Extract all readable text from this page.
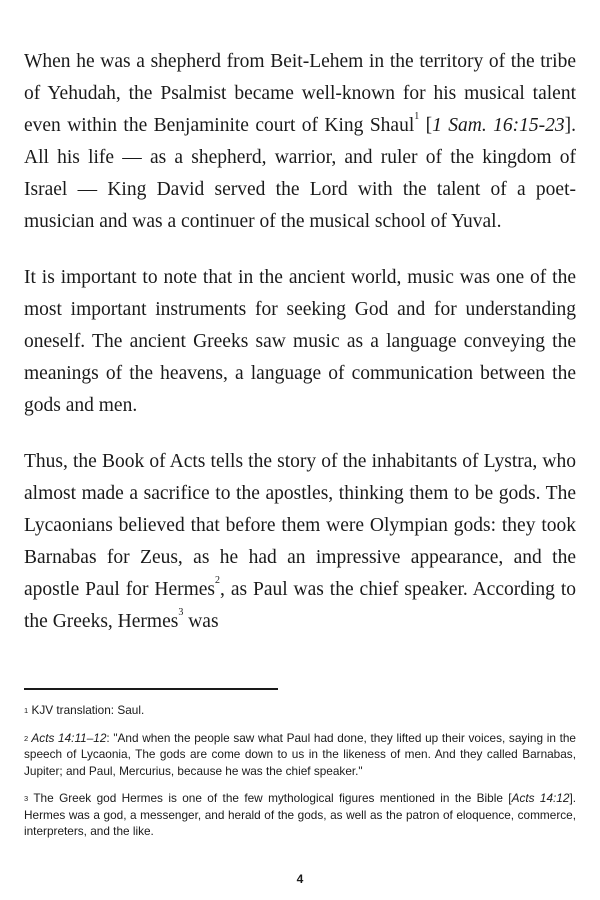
When he was a shepherd from Beit-Lehem in the territory of the tribe of Yehudah, the Psalmist became well-known for his musical talent even within the Benjaminite court of King Shaul$^1$ [1 Sam. 16:15-23]. All his life — as a shepherd, warrior, and ruler of the kingdom of Israel — King David served the Lord with the talent of a poet-musician and was a continuer of the musical school of Yuval.

It is important to note that in the ancient world, music was one of the most important instruments for seeking God and for understanding oneself. The ancient Greeks saw music as a language conveying the meanings of the heavens, a language of communication between the gods and men.

Thus, the Book of Acts tells the story of the inhabitants of Lystra, who almost made a sacrifice to the apostles, thinking them to be gods. The Lycaonians believed that before them were Olympian gods: they took Barnabas for Zeus, as he had an impressive appearance, and the apostle Paul for Hermes$^2$, as Paul was the chief speaker. According to the Greeks, Hermes$^3$ was

$^1$ KJV translation: Saul.

$^2$ Acts 14:11–12: "And when the people saw what Paul had done, they lifted up their voices, saying in the speech of Lycaonia, The gods are come down to us in the likeness of men. And they called Barnabas, Jupiter; and Paul, Mercurius, because he was the chief speaker."

$^3$ The Greek god Hermes is one of the few mythological figures mentioned in the Bible [Acts 14:12]. Hermes was a god, a messenger, and herald of the gods, as well as the patron of eloquence, commerce, interpreters, and the like.

4
